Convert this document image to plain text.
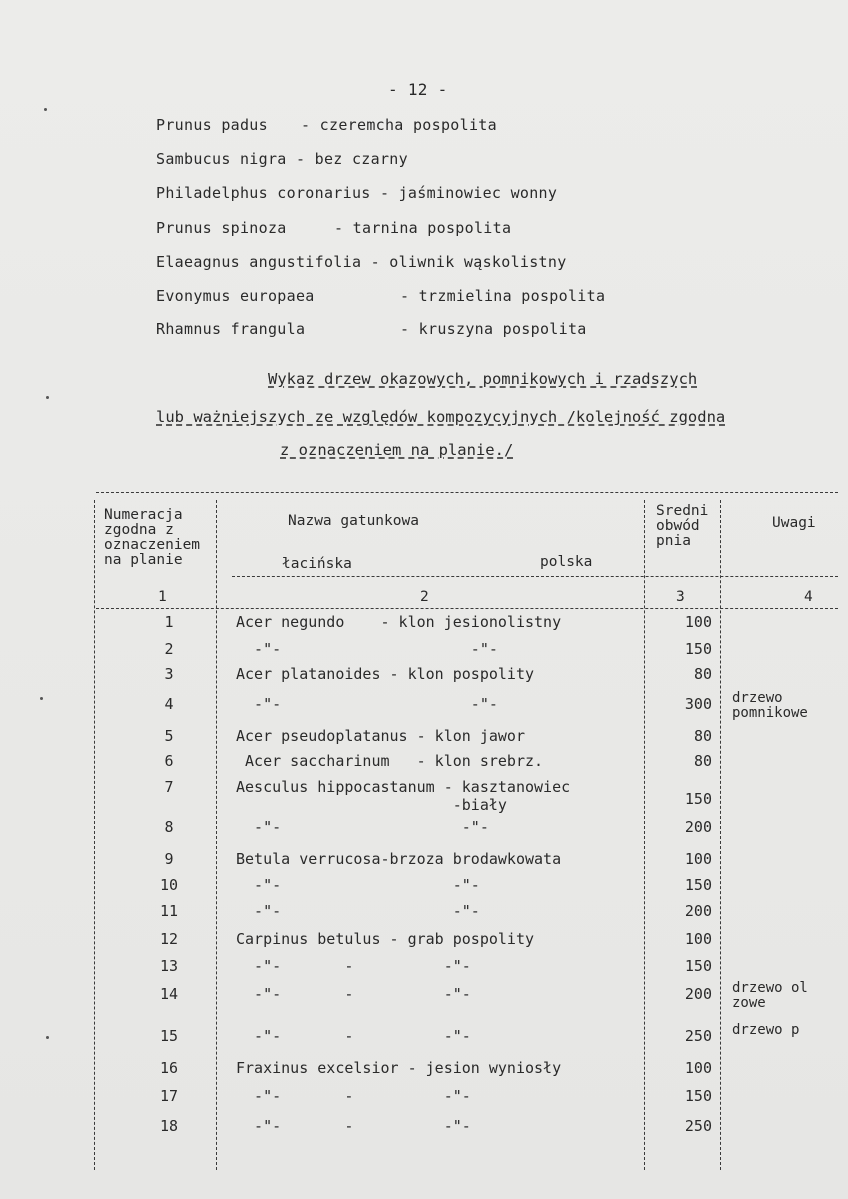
- 12 -
Prunus padus - czeremcha pospolita
Sambucus nigra - bez czarny
Philadelphus coronarius - jaśminowiec wonny
Prunus spinoza	- tarnina pospolita
Elaeagnus angustifolia - oliwnik wąskolistny
Evonymus europaea	- trzmielina pospolita
Rhamnus frangula	- kruszyna pospolita
Wykaz drzew okazowych, pomnikowych i rzadszych
lub ważniejszych ze względów kompozycyjnych /kolejność zgodna
z oznaczeniem na planie./
Numeracja
zgodna z
oznaczeniem
na planie
Nazwa gatunkowa
łacińska	polska
Sredni
obwód
pnia
Uwagi
1	2	3	4
1	Acer negundo    - klon jesionolistny	100
2	-"-                     -"-	150
3	Acer platanoides - klon pospolity	80
4	-"-                     -"-	300 drzewo
pomnikowe
5	Acer pseudoplatanus - klon jawor	80
6	Acer saccharinum   - klon srebrz.	80
7	Aesculus hippocastanum - kasztanowiec
-biały	150
8	-"-                    -"-	200
9	Betula verrucosa-brzoza brodawkowata	100
10	-"-                   -"-	150
11	-"-                   -"-	200
12	Carpinus betulus - grab pospolity	100
13	-"-       -          -"-	150
14	-"-       -          -"-	200 drzewo ol
zowe
15	-"-       -          -"-	250 drzewo p
16	Fraxinus excelsior - jesion wyniosły	100
17	-"-       -          -"-	150
18	-"-       -          -"-	250
